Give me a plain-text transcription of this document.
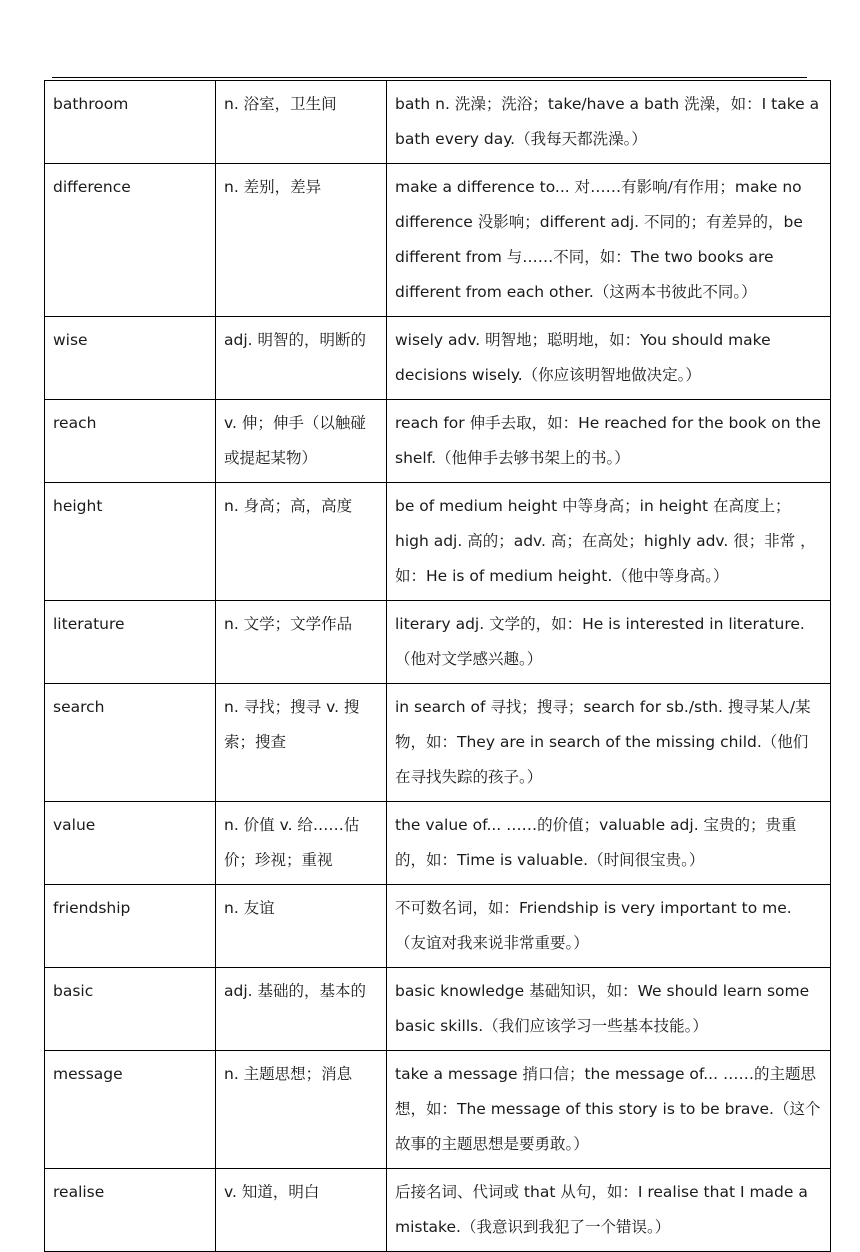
bathroom	n. 浴室，卫生间	bath n. 洗澡；洗浴；take/have a bath 洗澡，如：I take a bath every day.（我每天都洗澡。）

difference	n. 差别，差异	make a difference to... 对……有影响/有作用；make no difference 没影响；different adj. 不同的；有差异的，be different from 与……不同，如：The two books are different from each other.（这两本书彼此不同。）

wise	adj. 明智的，明断的	wisely adv. 明智地；聪明地，如：You should make decisions wisely.（你应该明智地做决定。）

reach	v. 伸；伸手（以触碰或提起某物）	reach for 伸手去取，如：He reached for the book on the shelf.（他伸手去够书架上的书。）

height	n. 身高；高，高度	be of medium height 中等身高；in height 在高度上；high adj. 高的；adv. 高；在高处；highly adv. 很；非常 ，如：He is of medium height.（他中等身高。）

literature	n. 文学；文学作品	literary adj. 文学的，如：He is interested in literature.（他对文学感兴趣。）

search	n. 寻找；搜寻 v. 搜索；搜查	in search of 寻找；搜寻；search for sb./sth. 搜寻某人/某物，如：They are in search of the missing child.（他们在寻找失踪的孩子。）

value	n. 价值 v. 给……估价；珍视；重视	the value of... ……的价值；valuable adj. 宝贵的；贵重的，如：Time is valuable.（时间很宝贵。）

friendship	n. 友谊	不可数名词，如：Friendship is very important to me.（友谊对我来说非常重要。）

basic	adj. 基础的，基本的	basic knowledge 基础知识，如：We should learn some basic skills.（我们应该学习一些基本技能。）

message	n. 主题思想；消息	take a message 捎口信；the message of... ……的主题思想，如：The message of this story is to be brave.（这个故事的主题思想是要勇敢。）

realise	v. 知道，明白	后接名词、代词或 that 从句，如：I realise that I made a mistake.（我意识到我犯了一个错误。）
